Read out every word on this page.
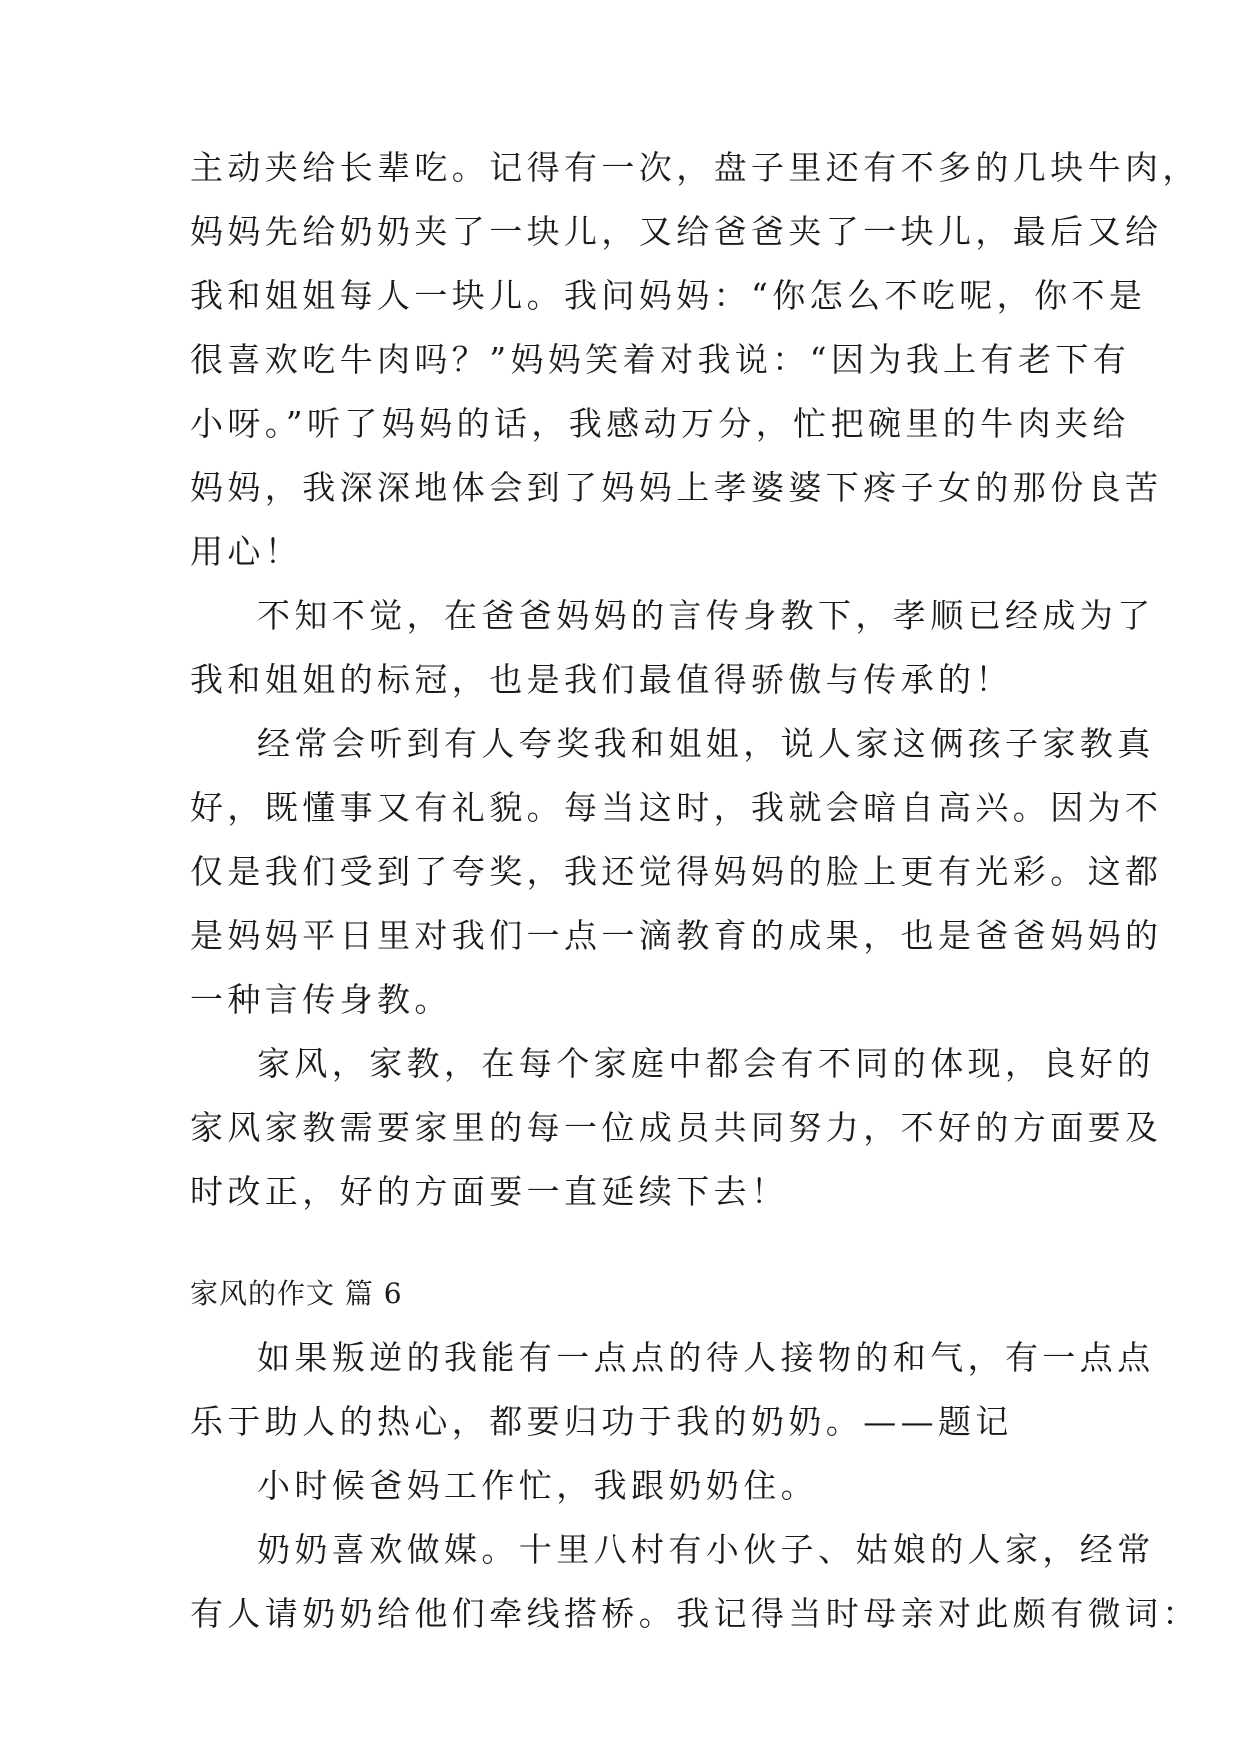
主动夹给长辈吃。记得有一次，盘子里还有不多的几块牛肉，
妈妈先给奶奶夹了一块儿，又给爸爸夹了一块儿，最后又给
我和姐姐每人一块儿。我问妈妈：“你怎么不吃呢，你不是
很喜欢吃牛肉吗？”妈妈笑着对我说：“因为我上有老下有
小呀。”听了妈妈的话，我感动万分，忙把碗里的牛肉夹给
妈妈，我深深地体会到了妈妈上孝婆婆下疼子女的那份良苦
用心！
不知不觉，在爸爸妈妈的言传身教下，孝顺已经成为了
我和姐姐的标冠，也是我们最值得骄傲与传承的！
经常会听到有人夸奖我和姐姐，说人家这俩孩子家教真
好，既懂事又有礼貌。每当这时，我就会暗自高兴。因为不
仅是我们受到了夸奖，我还觉得妈妈的脸上更有光彩。这都
是妈妈平日里对我们一点一滴教育的成果，也是爸爸妈妈的
一种言传身教。
家风，家教，在每个家庭中都会有不同的体现，良好的
家风家教需要家里的每一位成员共同努力，不好的方面要及
时改正，好的方面要一直延续下去！
家风的作文 篇 6
如果叛逆的我能有一点点的待人接物的和气，有一点点
乐于助人的热心，都要归功于我的奶奶。——题记
小时候爸妈工作忙，我跟奶奶住。
奶奶喜欢做媒。十里八村有小伙子、姑娘的人家，经常
有人请奶奶给他们牵线搭桥。我记得当时母亲对此颇有微词：
